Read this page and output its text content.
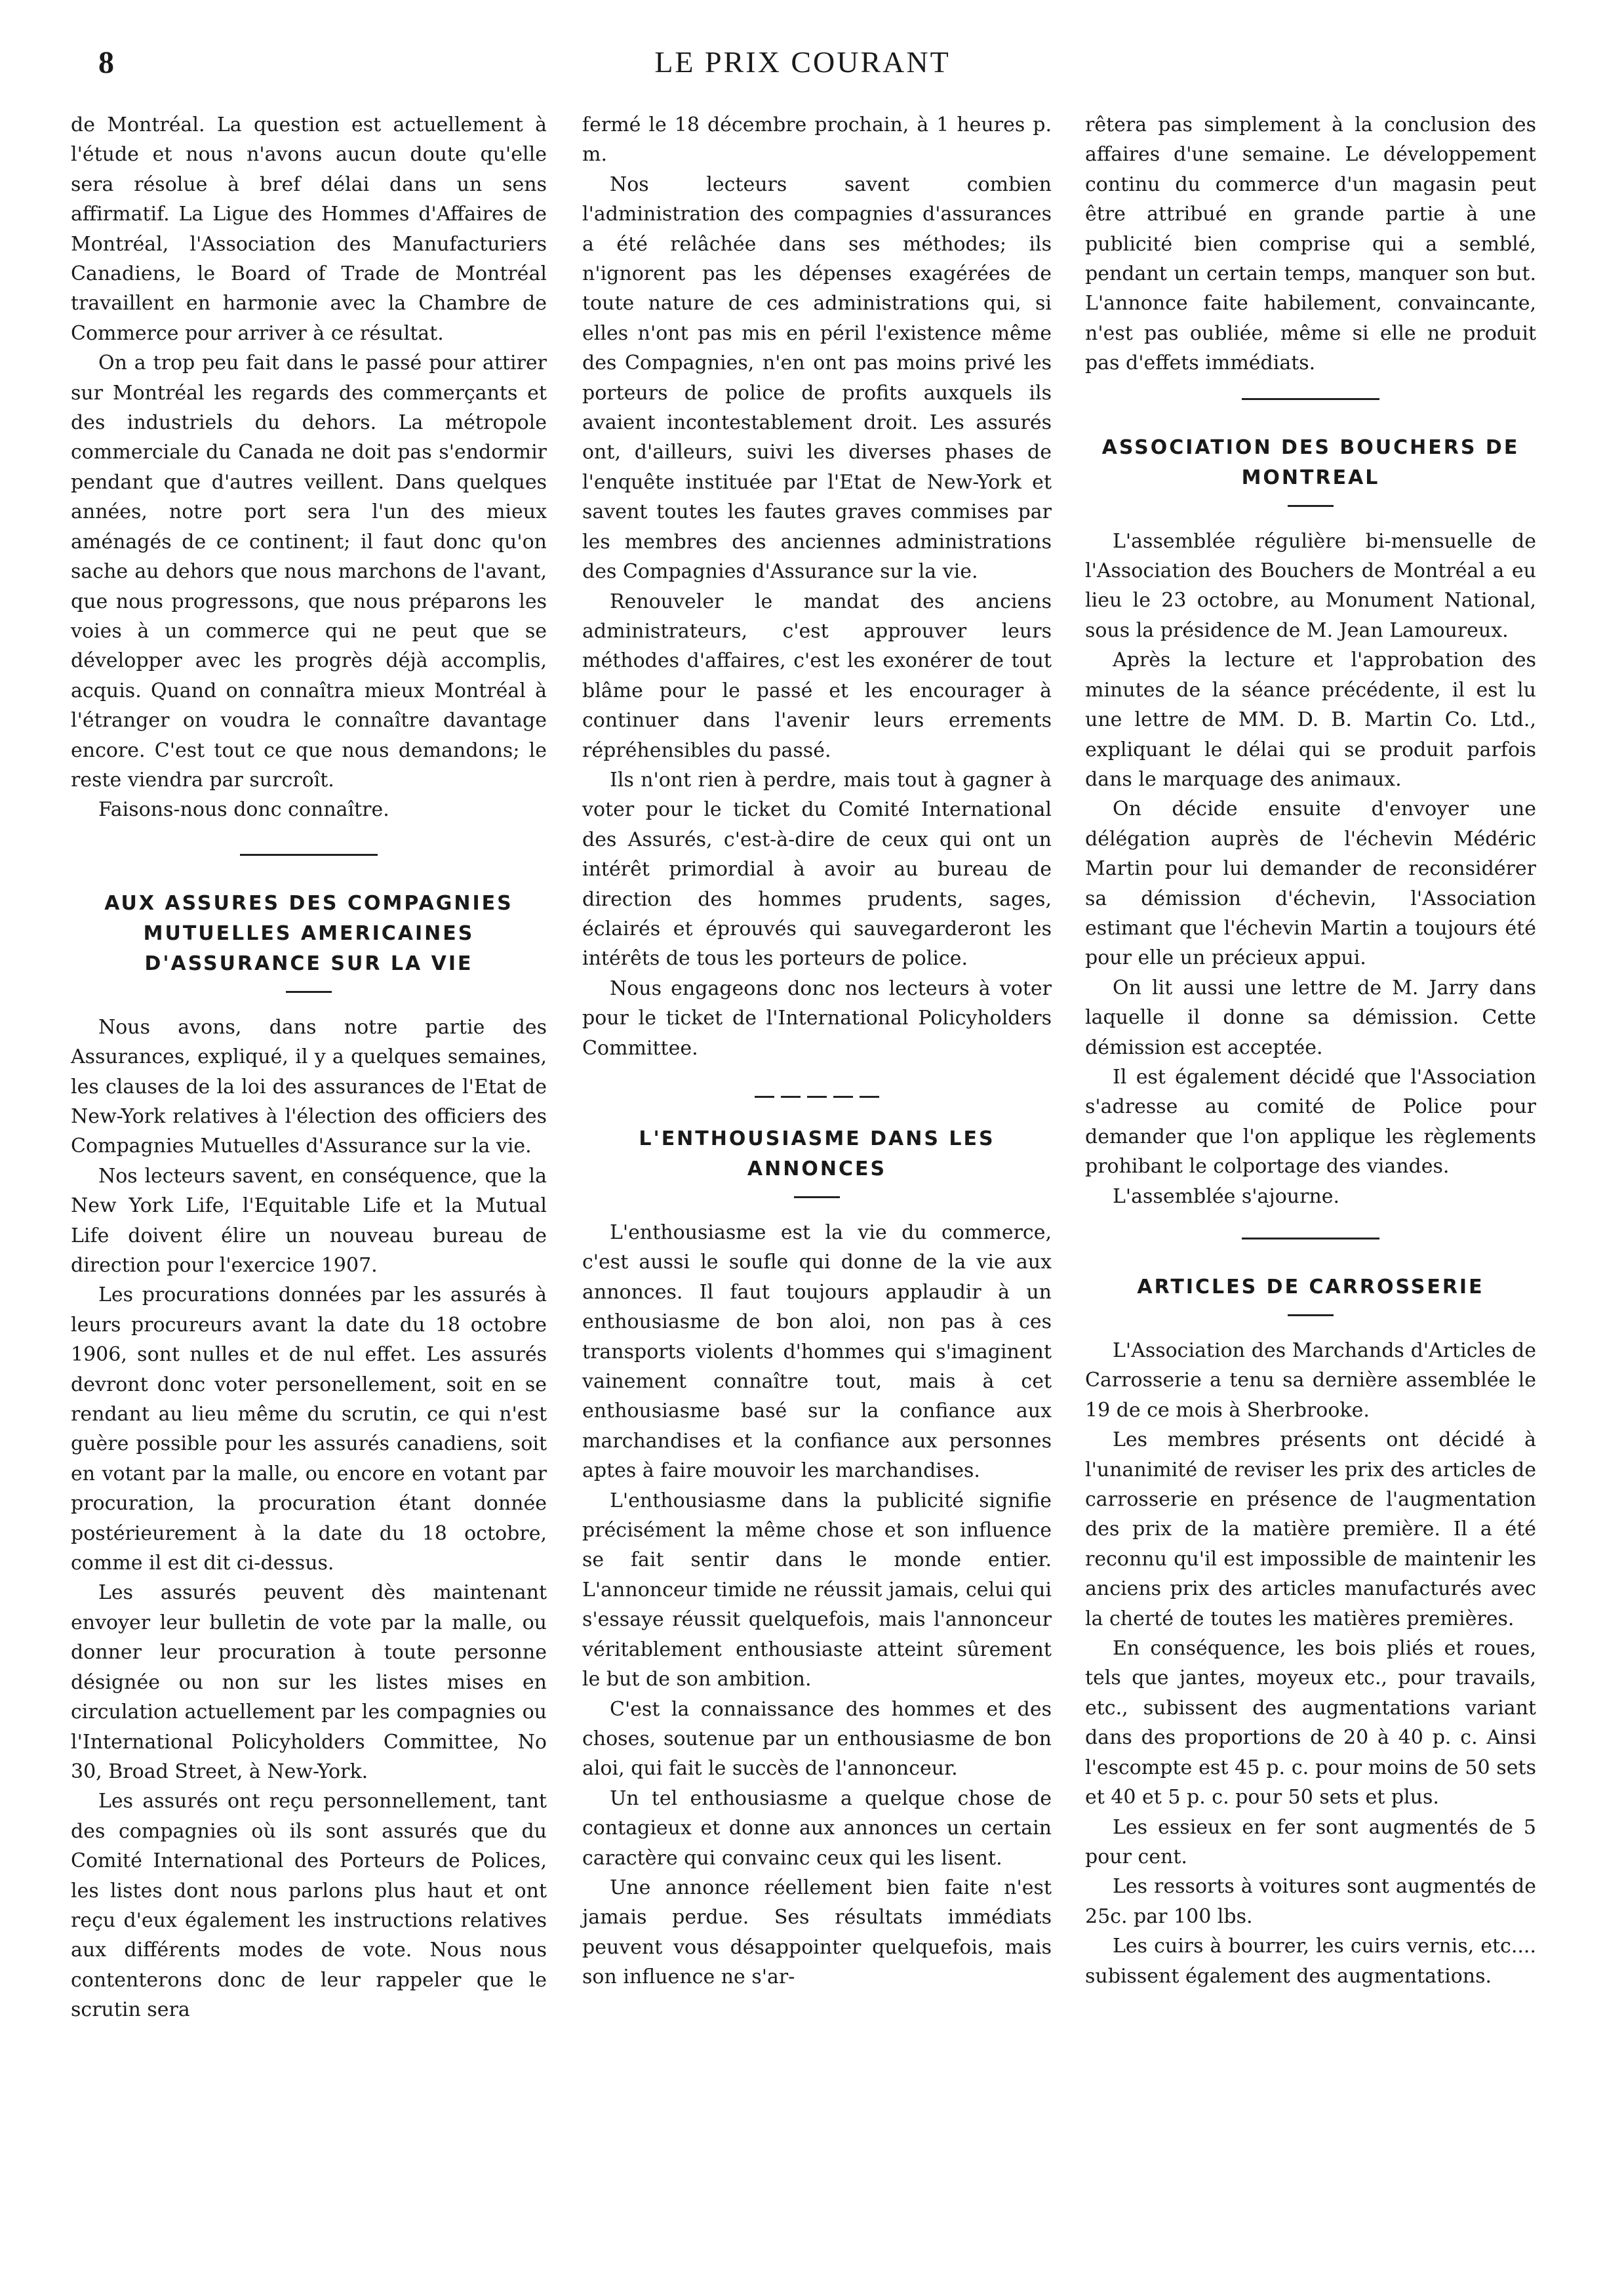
8	LE PRIX COURANT

de Montréal. La question est actuellement à l'étude et nous n'avons aucun doute qu'elle sera résolue à bref délai dans un sens affirmatif. La Ligue des Hommes d'Affaires de Montréal, l'Association des Manufacturiers Canadiens, le Board of Trade de Montréal travaillent en harmonie avec la Chambre de Commerce pour arriver à ce résultat.

On a trop peu fait dans le passé pour attirer sur Montréal les regards des commerçants et des industriels du dehors. La métropole commerciale du Canada ne doit pas s'endormir pendant que d'autres veillent. Dans quelques années, notre port sera l'un des mieux aménagés de ce continent; il faut donc qu'on sache au dehors que nous marchons de l'avant, que nous progressons, que nous préparons les voies à un commerce qui ne peut que se développer avec les progrès déjà accomplis, acquis. Quand on connaîtra mieux Montréal à l'étranger on voudra le connaître davantage encore. C'est tout ce que nous demandons; le reste viendra par surcroît.

Faisons-nous donc connaître.

AUX ASSURES DES COMPAGNIES MUTUELLES AMERICAINES D'ASSURANCE SUR LA VIE

Nous avons, dans notre partie des Assurances, expliqué, il y a quelques semaines, les clauses de la loi des assurances de l'Etat de New-York relatives à l'élection des officiers des Compagnies Mutuelles d'Assurance sur la vie.

Nos lecteurs savent, en conséquence, que la New York Life, l'Equitable Life et la Mutual Life doivent élire un nouveau bureau de direction pour l'exercice 1907.

Les procurations données par les assurés à leurs procureurs avant la date du 18 octobre 1906, sont nulles et de nul effet. Les assurés devront donc voter personellement, soit en se rendant au lieu même du scrutin, ce qui n'est guère possible pour les assurés canadiens, soit en votant par la malle, ou encore en votant par procuration, la procuration étant donnée postérieurement à la date du 18 octobre, comme il est dit ci-dessus.

Les assurés peuvent dès maintenant envoyer leur bulletin de vote par la malle, ou donner leur procuration à toute personne désignée ou non sur les listes mises en circulation actuellement par les compagnies ou l'International Policyholders Committee, No 30, Broad Street, à New-York.

Les assurés ont reçu personnellement, tant des compagnies où ils sont assurés que du Comité International des Porteurs de Polices, les listes dont nous parlons plus haut et ont reçu d'eux également les instructions relatives aux différents modes de vote. Nous nous contenterons donc de leur rappeler que le scrutin sera

fermé le 18 décembre prochain, à 1 heures p. m.

Nos lecteurs savent combien l'administration des compagnies d'assurances a été relâchée dans ses méthodes; ils n'ignorent pas les dépenses exagérées de toute nature de ces administrations qui, si elles n'ont pas mis en péril l'existence même des Compagnies, n'en ont pas moins privé les porteurs de police de profits auxquels ils avaient incontestablement droit. Les assurés ont, d'ailleurs, suivi les diverses phases de l'enquête instituée par l'Etat de New-York et savent toutes les fautes graves commises par les membres des anciennes administrations des Compagnies d'Assurance sur la vie.

Renouveler le mandat des anciens administrateurs, c'est approuver leurs méthodes d'affaires, c'est les exonérer de tout blâme pour le passé et les encourager à continuer dans l'avenir leurs errements répréhensibles du passé.

Ils n'ont rien à perdre, mais tout à gagner à voter pour le ticket du Comité International des Assurés, c'est-à-dire de ceux qui ont un intérêt primordial à avoir au bureau de direction des hommes prudents, sages, éclairés et éprouvés qui sauvegarderont les intérêts de tous les porteurs de police.

Nous engageons donc nos lecteurs à voter pour le ticket de l'International Policyholders Committee.

L'ENTHOUSIASME DANS LES ANNONCES

L'enthousiasme est la vie du commerce, c'est aussi le soufle qui donne de la vie aux annonces. Il faut toujours applaudir à un enthousiasme de bon aloi, non pas à ces transports violents d'hommes qui s'imaginent vainement connaître tout, mais à cet enthousiasme basé sur la confiance aux marchandises et la confiance aux personnes aptes à faire mouvoir les marchandises.

L'enthousiasme dans la publicité signifie précisément la même chose et son influence se fait sentir dans le monde entier. L'annonceur timide ne réussit jamais, celui qui s'essaye réussit quelquefois, mais l'annonceur véritablement enthousiaste atteint sûrement le but de son ambition.

C'est la connaissance des hommes et des choses, soutenue par un enthousiasme de bon aloi, qui fait le succès de l'annonceur.

Un tel enthousiasme a quelque chose de contagieux et donne aux annonces un certain caractère qui convainc ceux qui les lisent.

Une annonce réellement bien faite n'est jamais perdue. Ses résultats immédiats peuvent vous désappointer quelquefois, mais son influence ne s'ar-

rêtera pas simplement à la conclusion des affaires d'une semaine. Le développement continu du commerce d'un magasin peut être attribué en grande partie à une publicité bien comprise qui a semblé, pendant un certain temps, manquer son but. L'annonce faite habilement, convaincante, n'est pas oubliée, même si elle ne produit pas d'effets immédiats.

ASSOCIATION DES BOUCHERS DE MONTREAL

L'assemblée régulière bi-mensuelle de l'Association des Bouchers de Montréal a eu lieu le 23 octobre, au Monument National, sous la présidence de M. Jean Lamoureux.

Après la lecture et l'approbation des minutes de la séance précédente, il est lu une lettre de MM. D. B. Martin Co. Ltd., expliquant le délai qui se produit parfois dans le marquage des animaux.

On décide ensuite d'envoyer une délégation auprès de l'échevin Médéric Martin pour lui demander de reconsidérer sa démission d'échevin, l'Association estimant que l'échevin Martin a toujours été pour elle un précieux appui.

On lit aussi une lettre de M. Jarry dans laquelle il donne sa démission. Cette démission est acceptée.

Il est également décidé que l'Association s'adresse au comité de Police pour demander que l'on applique les règlements prohibant le colportage des viandes.

L'assemblée s'ajourne.

ARTICLES DE CARROSSERIE

L'Association des Marchands d'Articles de Carrosserie a tenu sa dernière assemblée le 19 de ce mois à Sherbrooke.

Les membres présents ont décidé à l'unanimité de reviser les prix des articles de carrosserie en présence de l'augmentation des prix de la matière première. Il a été reconnu qu'il est impossible de maintenir les anciens prix des articles manufacturés avec la cherté de toutes les matières premières.

En conséquence, les bois pliés et roues, tels que jantes, moyeux etc., pour travails, etc., subissent des augmentations variant dans des proportions de 20 à 40 p. c. Ainsi l'escompte est 45 p. c. pour moins de 50 sets et 40 et 5 p. c. pour 50 sets et plus.

Les essieux en fer sont augmentés de 5 pour cent.

Les ressorts à voitures sont augmentés de 25c. par 100 lbs.

Les cuirs à bourrer, les cuirs vernis, etc.... subissent également des augmentations.
